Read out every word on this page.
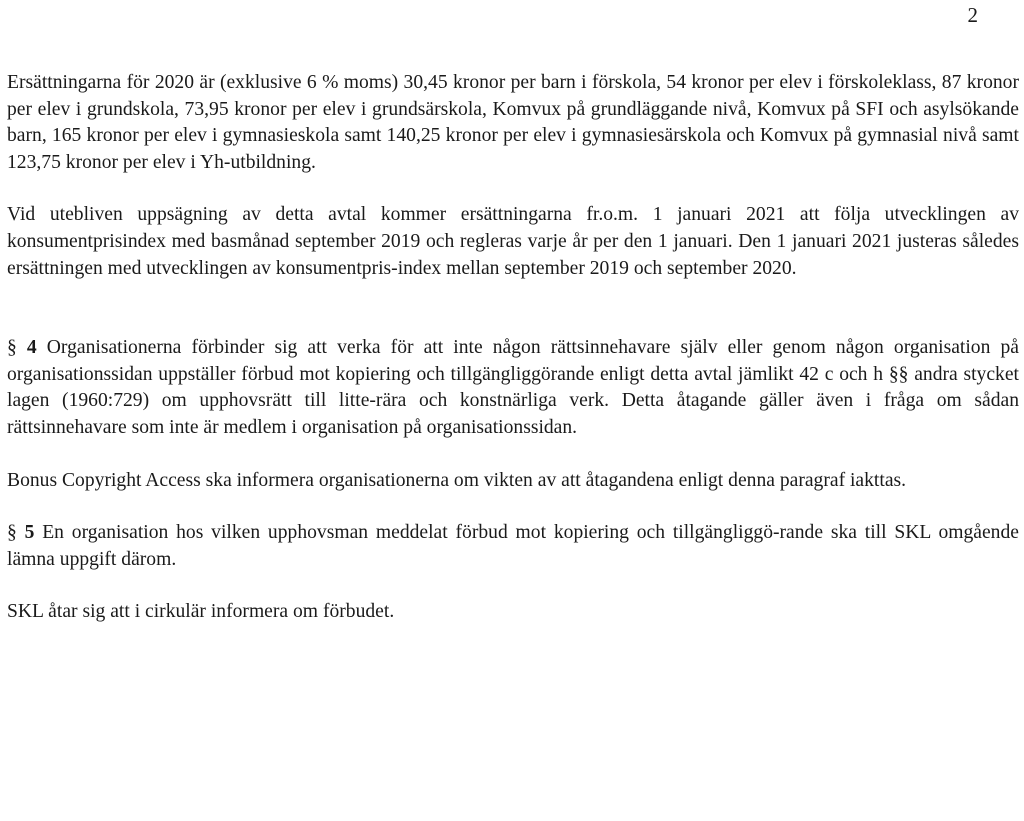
2

Ersättningarna för 2020 är (exklusive 6 % moms) 30,45 kronor per barn i förskola, 54 kronor per elev i förskoleklass, 87 kronor per elev i grundskola, 73,95 kronor per elev i grundsärskola, Komvux på grundläggande nivå, Komvux på SFI och asylsökande barn, 165 kronor per elev i gymnasieskola samt 140,25 kronor per elev i gymnasiesärskola och Komvux på gymnasial nivå samt 123,75 kronor per elev i Yh-utbildning.

Vid utebliven uppsägning av detta avtal kommer ersättningarna fr.o.m. 1 januari 2021 att följa utvecklingen av konsumentprisindex med basmånad september 2019 och regleras varje år per den 1 januari. Den 1 januari 2021 justeras således ersättningen med utvecklingen av konsumentpris-index mellan september 2019 och september 2020.

§ 4 Organisationerna förbinder sig att verka för att inte någon rättsinnehavare själv eller genom någon organisation på organisationssidan uppställer förbud mot kopiering och tillgängliggörande enligt detta avtal jämlikt 42 c och h §§ andra stycket lagen (1960:729) om upphovsrätt till litte-rära och konstnärliga verk. Detta åtagande gäller även i fråga om sådan rättsinnehavare som inte är medlem i organisation på organisationssidan.

Bonus Copyright Access ska informera organisationerna om vikten av att åtagandena enligt denna paragraf iakttas.

§ 5 En organisation hos vilken upphovsman meddelat förbud mot kopiering och tillgängliggö-rande ska till SKL omgående lämna uppgift därom.

SKL åtar sig att i cirkulär informera om förbudet.
